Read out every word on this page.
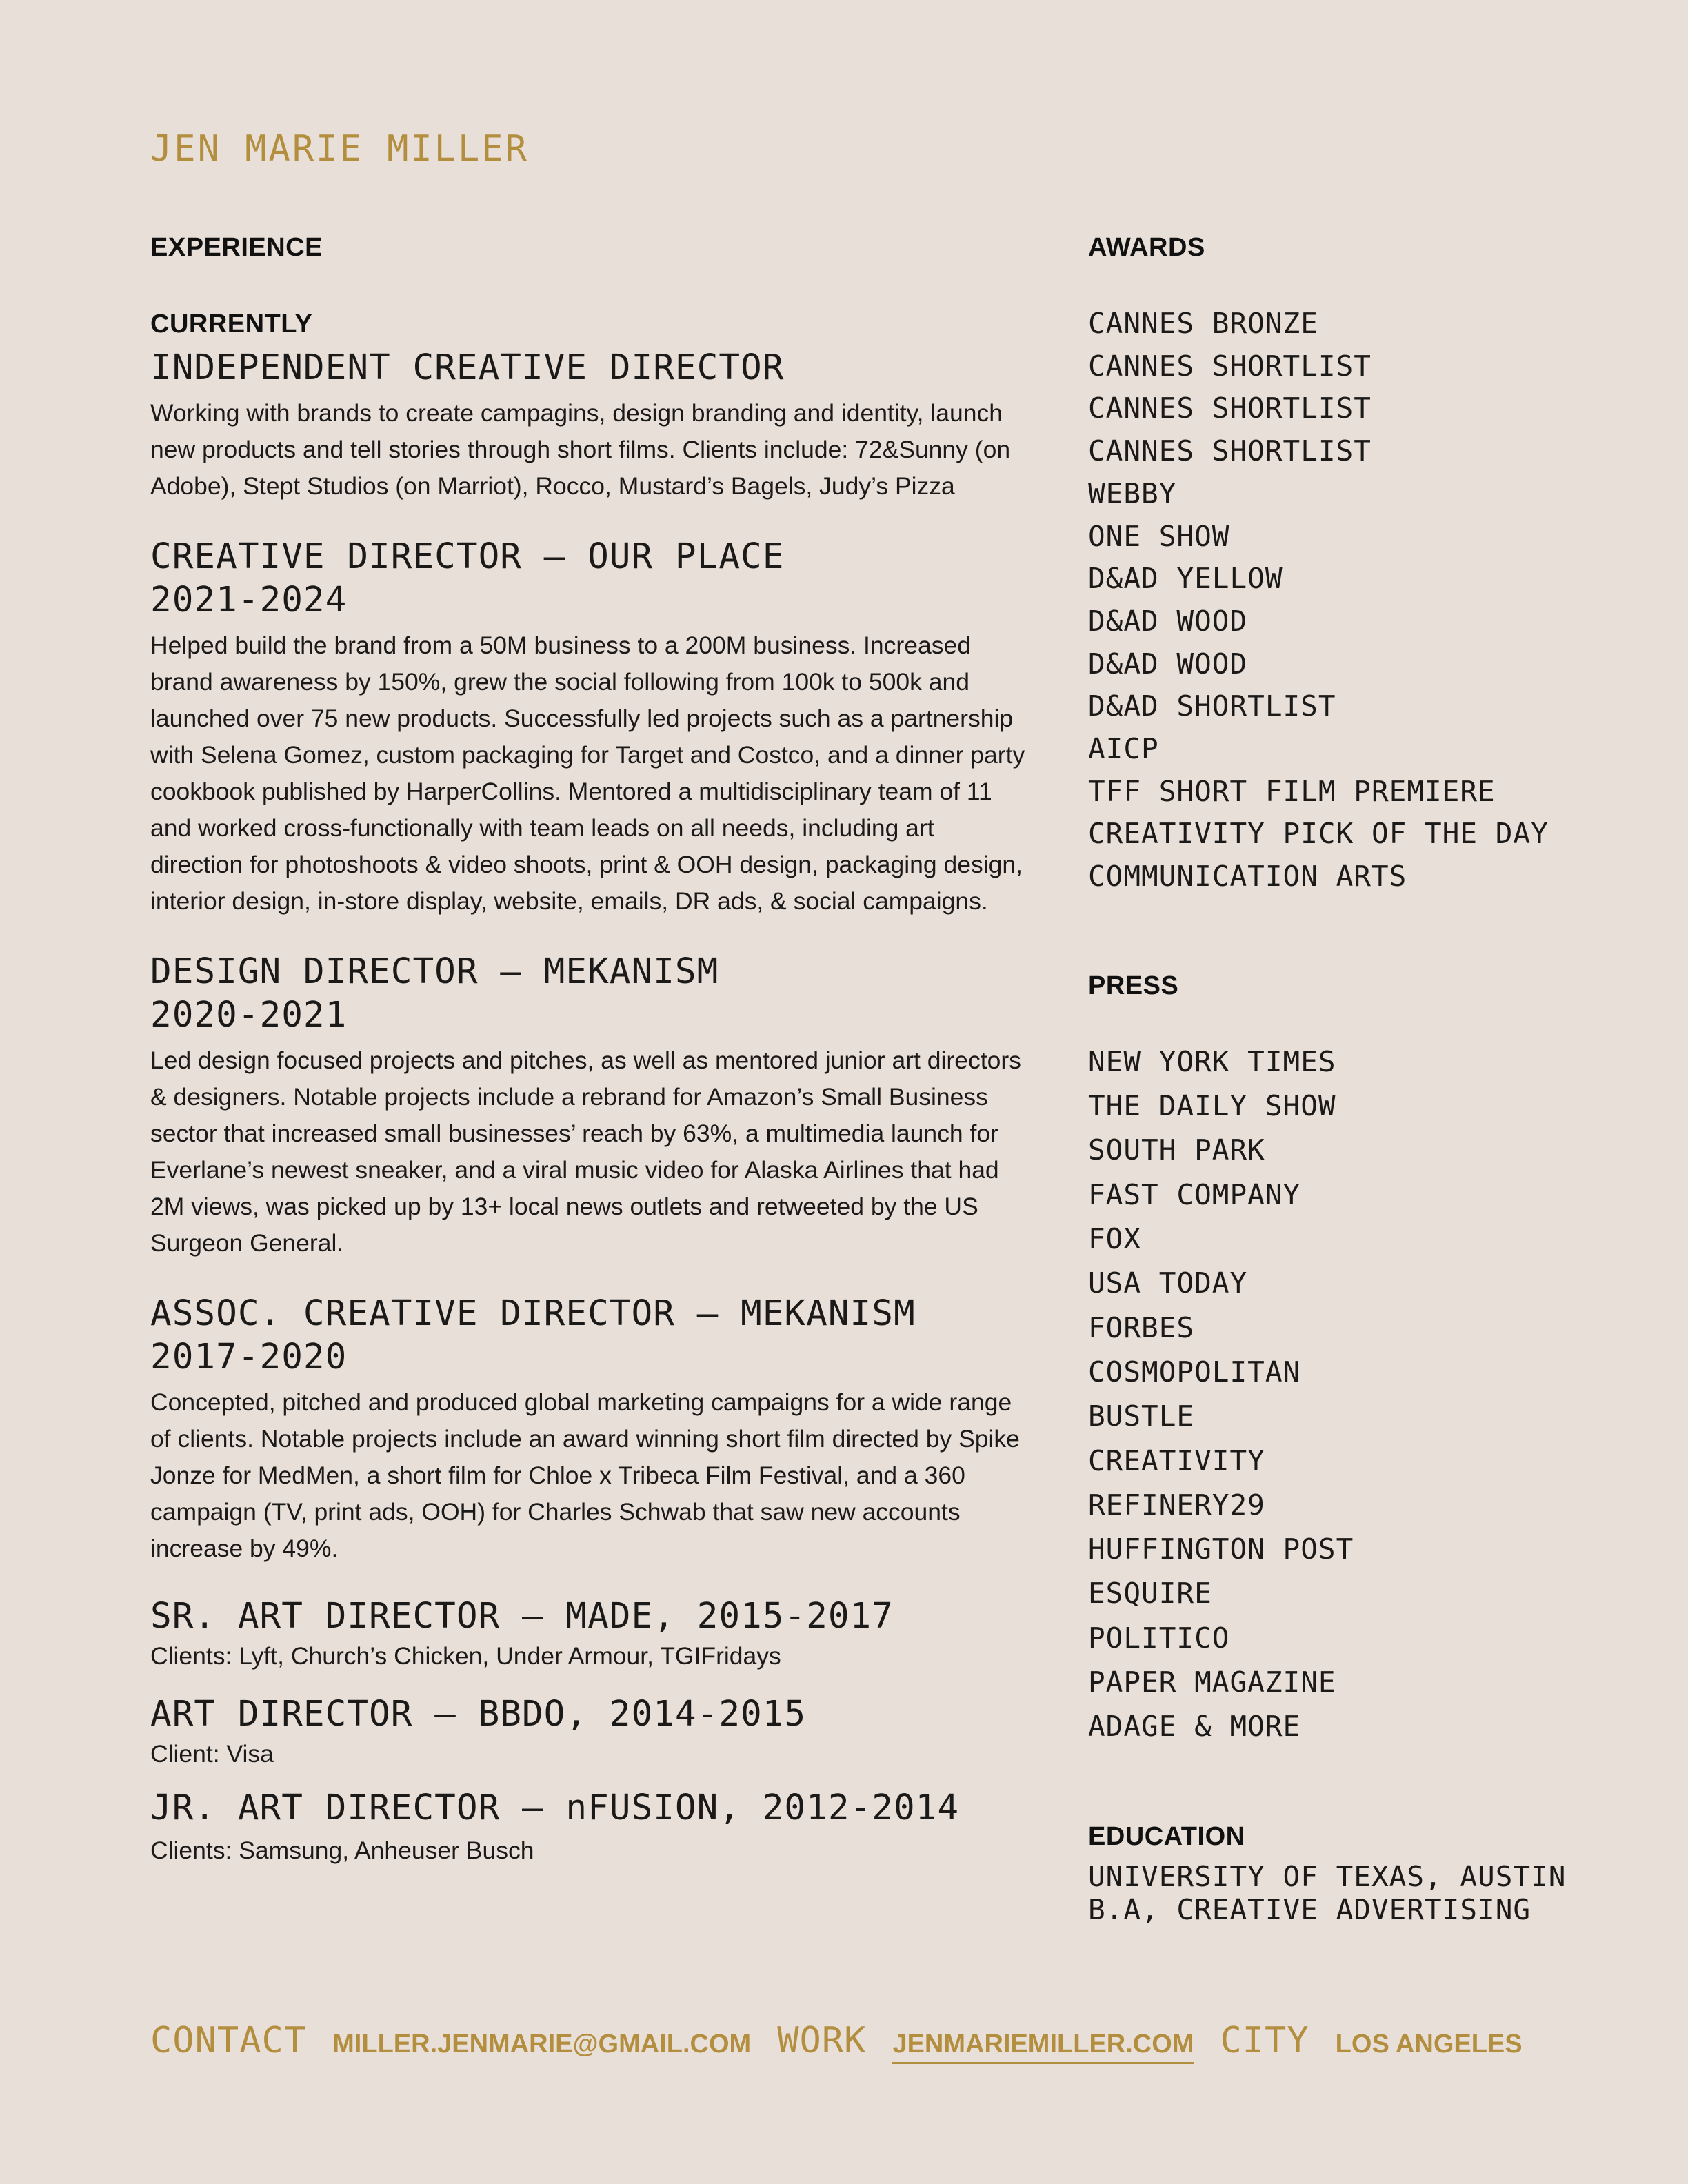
JEN MARIE MILLER
EXPERIENCE
CURRENTLY
INDEPENDENT CREATIVE DIRECTOR
Working with brands to create campagins, design branding and identity, launch new products and tell stories through short films. Clients include: 72&Sunny (on Adobe), Stept Studios (on Marriot), Rocco, Mustard’s Bagels, Judy’s Pizza
CREATIVE DIRECTOR — OUR PLACE
2021-2024
Helped build the brand from a 50M business to a 200M business. Increased brand awareness by 150%, grew the social following from 100k to 500k and launched over 75 new products. Successfully led projects such as a partnership with Selena Gomez, custom packaging for Target and Costco, and a dinner party cookbook published by HarperCollins. Mentored a multidisciplinary team of 11 and worked cross-functionally with team leads on all needs, including art direction for photoshoots & video shoots, print & OOH design, packaging design, interior design, in-store display, website, emails, DR ads, & social campaigns.
DESIGN DIRECTOR — MEKANISM
2020-2021
Led design focused projects and pitches, as well as mentored junior art directors & designers. Notable projects include a rebrand for Amazon’s Small Business sector that increased small businesses’ reach by 63%, a multimedia launch for Everlane’s newest sneaker, and a viral music video for Alaska Airlines that had 2M views, was picked up by 13+ local news outlets and retweeted by the US Surgeon General.
ASSOC. CREATIVE DIRECTOR — MEKANISM
2017-2020
Concepted, pitched and produced global marketing campaigns for a wide range of clients. Notable projects include an award winning short film directed by Spike Jonze for MedMen, a short film for Chloe x Tribeca Film Festival, and a 360 campaign (TV, print ads, OOH) for Charles Schwab that saw new accounts increase by 49%.
SR. ART DIRECTOR — MADE, 2015-2017
Clients: Lyft, Church’s Chicken, Under Armour, TGIFridays
ART DIRECTOR — BBDO, 2014-2015
Client: Visa
JR. ART DIRECTOR — nFUSION, 2012-2014
Clients: Samsung, Anheuser Busch
AWARDS
CANNES BRONZE
CANNES SHORTLIST
CANNES SHORTLIST
CANNES SHORTLIST
WEBBY
ONE SHOW
D&AD YELLOW
D&AD WOOD
D&AD WOOD
D&AD SHORTLIST
AICP
TFF SHORT FILM PREMIERE
CREATIVITY PICK OF THE DAY
COMMUNICATION ARTS
PRESS
NEW YORK TIMES
THE DAILY SHOW
SOUTH PARK
FAST COMPANY
FOX
USA TODAY
FORBES
COSMOPOLITAN
BUSTLE
CREATIVITY
REFINERY29
HUFFINGTON POST
ESQUIRE
POLITICO
PAPER MAGAZINE
ADAGE & MORE
EDUCATION
UNIVERSITY OF TEXAS, AUSTIN
B.A, CREATIVE ADVERTISING
CONTACT MILLER.JENMARIE@GMAIL.COM WORK JENMARIEMILLER.COM CITY LOS ANGELES
